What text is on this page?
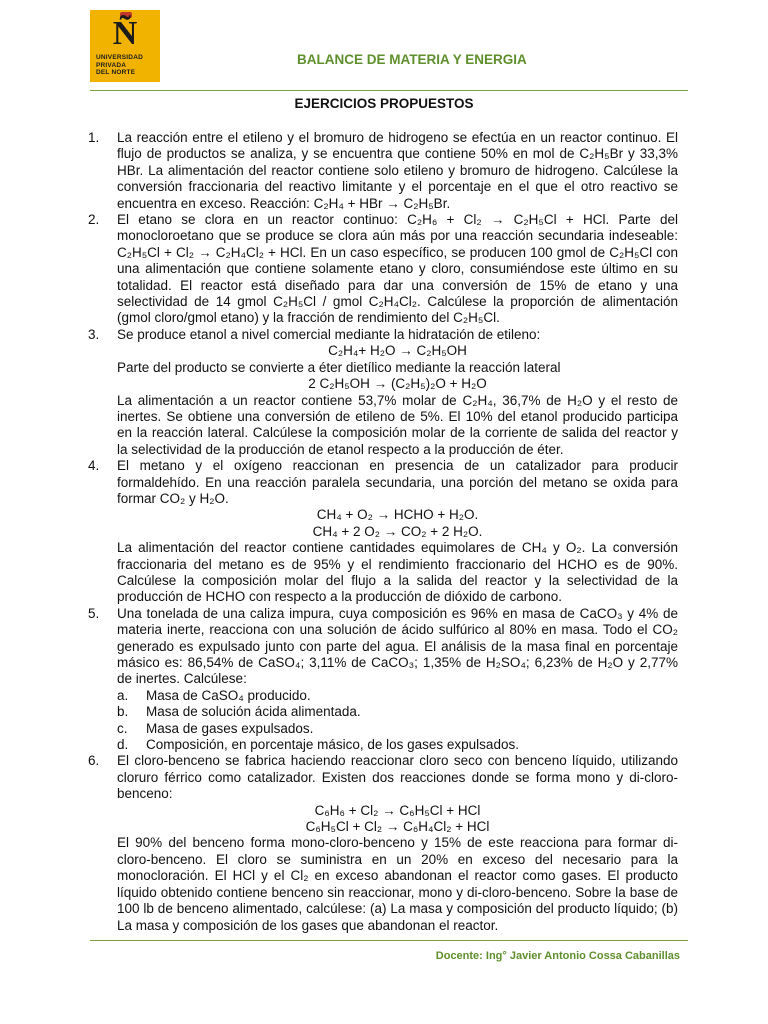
Ñ
UNIVERSIDAD
PRIVADA
DEL NORTE
BALANCE DE MATERIA Y ENERGIA
EJERCICIOS PROPUESTOS
1. La reacción entre el etileno y el bromuro de hidrogeno se efectúa en un reactor continuo. El flujo de productos se analiza, y se encuentra que contiene 50% en mol de C₂H₅Br y 33,3% HBr. La alimentación del reactor contiene solo etileno y bromuro de hidrogeno. Calcúlese la conversión fraccionaria del reactivo limitante y el porcentaje en el que el otro reactivo se encuentra en exceso. Reacción: C₂H₄ + HBr → C₂H₅Br.
2. El etano se clora en un reactor continuo: C₂H₆ + Cl₂ → C₂H₅Cl + HCl. Parte del monocloroetano que se produce se clora aún más por una reacción secundaria indeseable: C₂H₅Cl + Cl₂ → C₂H₄Cl₂ + HCl. En un caso específico, se producen 100 gmol de C₂H₅Cl con una alimentación que contiene solamente etano y cloro, consumiéndose este último en su totalidad. El reactor está diseñado para dar una conversión de 15% de etano y una selectividad de 14 gmol C₂H₅Cl / gmol C₂H₄Cl₂. Calcúlese la proporción de alimentación (gmol cloro/gmol etano) y la fracción de rendimiento del C₂H₅Cl.
3. Se produce etanol a nivel comercial mediante la hidratación de etileno:
C₂H₄+ H₂O → C₂H₅OH
Parte del producto se convierte a éter dietílico mediante la reacción lateral
2 C₂H₅OH → (C₂H₅)₂O + H₂O
La alimentación a un reactor contiene 53,7% molar de C₂H₄, 36,7% de H₂O y el resto de inertes. Se obtiene una conversión de etileno de 5%. El 10% del etanol producido participa en la reacción lateral. Calcúlese la composición molar de la corriente de salida del reactor y la selectividad de la producción de etanol respecto a la producción de éter.
4. El metano y el oxígeno reaccionan en presencia de un catalizador para producir formaldehído. En una reacción paralela secundaria, una porción del metano se oxida para formar CO₂ y H₂O.
CH₄ + O₂ → HCHO + H₂O.
CH₄ + 2 O₂ → CO₂ + 2 H₂O.
La alimentación del reactor contiene cantidades equimolares de CH₄ y O₂. La conversión fraccionaria del metano es de 95% y el rendimiento fraccionario del HCHO es de 90%. Calcúlese la composición molar del flujo a la salida del reactor y la selectividad de la producción de HCHO con respecto a la producción de dióxido de carbono.
5. Una tonelada de una caliza impura, cuya composición es 96% en masa de CaCO₃ y 4% de materia inerte, reacciona con una solución de ácido sulfúrico al 80% en masa. Todo el CO₂ generado es expulsado junto con parte del agua. El análisis de la masa final en porcentaje másico es: 86,54% de CaSO₄; 3,11% de CaCO₃; 1,35% de H₂SO₄; 6,23% de H₂O y 2,77% de inertes. Calcúlese:
a. Masa de CaSO₄ producido.
b. Masa de solución ácida alimentada.
c. Masa de gases expulsados.
d. Composición, en porcentaje másico, de los gases expulsados.
6. El cloro-benceno se fabrica haciendo reaccionar cloro seco con benceno líquido, utilizando cloruro férrico como catalizador. Existen dos reacciones donde se forma mono y di-cloro-benceno:
C₆H₆ + Cl₂ → C₆H₅Cl + HCl
C₆H₅Cl + Cl₂ → C₆H₄Cl₂ + HCl
El 90% del benceno forma mono-cloro-benceno y 15% de este reacciona para formar di-cloro-benceno. El cloro se suministra en un 20% en exceso del necesario para la monocloración. El HCl y el Cl₂ en exceso abandonan el reactor como gases. El producto líquido obtenido contiene benceno sin reaccionar, mono y di-cloro-benceno. Sobre la base de 100 lb de benceno alimentado, calcúlese: (a) La masa y composición del producto líquido; (b) La masa y composición de los gases que abandonan el reactor.
Docente: Ing° Javier Antonio Cossa Cabanillas
